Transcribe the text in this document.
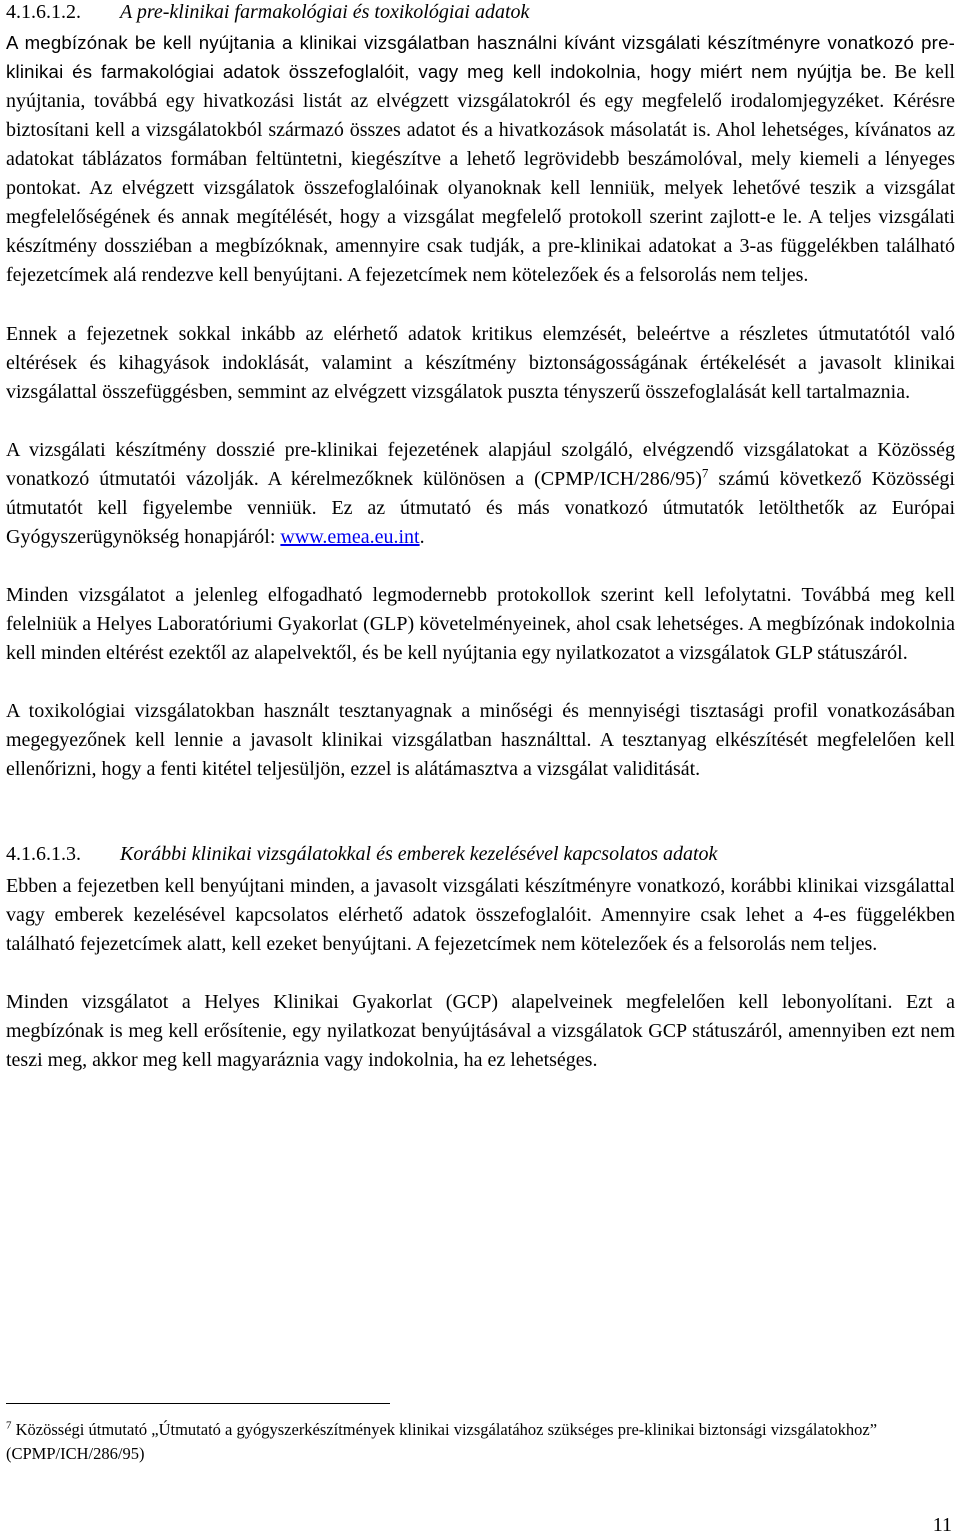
4.1.6.1.2. A pre-klinikai farmakológiai és toxikológiai adatok

A megbízónak be kell nyújtania a klinikai vizsgálatban használni kívánt vizsgálati készítményre vonatkozó pre-klinikai és farmakológiai adatok összefoglalóit, vagy meg kell indokolnia, hogy miért nem nyújtja be. Be kell nyújtania, továbbá egy hivatkozási listát az elvégzett vizsgálatokról és egy megfelelő irodalomjegyzéket. Kérésre biztosítani kell a vizsgálatokból származó összes adatot és a hivatkozások másolatát is. Ahol lehetséges, kívánatos az adatokat táblázatos formában feltüntetni, kiegészítve a lehető legrövidebb beszámolóval, mely kiemeli a lényeges pontokat. Az elvégzett vizsgálatok összefoglalóinak olyanoknak kell lenniük, melyek lehetővé teszik a vizsgálat megfelelőségének és annak megítélését, hogy a vizsgálat megfelelő protokoll szerint zajlott-e le. A teljes vizsgálati készítmény dossziéban a megbízóknak, amennyire csak tudják, a pre-klinikai adatokat a 3-as függelékben található fejezetcímek alá rendezve kell benyújtani. A fejezetcímek nem kötelezőek és a felsorolás nem teljes.

Ennek a fejezetnek sokkal inkább az elérhető adatok kritikus elemzését, beleértve a részletes útmutatótól való eltérések és kihagyások indoklását, valamint a készítmény biztonságosságának értékelését a javasolt klinikai vizsgálattal összefüggésben, semmint az elvégzett vizsgálatok puszta tényszerű összefoglalását kell tartalmaznia.

A vizsgálati készítmény dosszié pre-klinikai fejezetének alapjául szolgáló, elvégzendő vizsgálatokat a Közösség vonatkozó útmutatói vázolják. A kérelmezőknek különösen a (CPMP/ICH/286/95)$^7$ számú következő Közösségi útmutatót kell figyelembe venniük. Ez az útmutató és más vonatkozó útmutatók letölthetők az Európai Gyógyszerügynökség honapjáról: www.emea.eu.int.

Minden vizsgálatot a jelenleg elfogadható legmodernebb protokollok szerint kell lefolytatni. Továbbá meg kell felelniük a Helyes Laboratóriumi Gyakorlat (GLP) követelményeinek, ahol csak lehetséges. A megbízónak indokolnia kell minden eltérést ezektől az alapelvektől, és be kell nyújtania egy nyilatkozatot a vizsgálatok GLP státuszáról.

A toxikológiai vizsgálatokban használt tesztanyagnak a minőségi és mennyiségi tisztasági profil vonatkozásában megegyezőnek kell lennie a javasolt klinikai vizsgálatban használttal. A tesztanyag elkészítését megfelelően kell ellenőrizni, hogy a fenti kitétel teljesüljön, ezzel is alátámasztva a vizsgálat validitását.

4.1.6.1.3. Korábbi klinikai vizsgálatokkal és emberek kezelésével kapcsolatos adatok

Ebben a fejezetben kell benyújtani minden, a javasolt vizsgálati készítményre vonatkozó, korábbi klinikai vizsgálattal vagy emberek kezelésével kapcsolatos elérhető adatok összefoglalóit. Amennyire csak lehet a 4-es függelékben található fejezetcímek alatt, kell ezeket benyújtani. A fejezetcímek nem kötelezőek és a felsorolás nem teljes.

Minden vizsgálatot a Helyes Klinikai Gyakorlat (GCP) alapelveinek megfelelően kell lebonyolítani. Ezt a megbízónak is meg kell erősítenie, egy nyilatkozat benyújtásával a vizsgálatok GCP státuszáról, amennyiben ezt nem teszi meg, akkor meg kell magyaráznia vagy indokolnia, ha ez lehetséges.

$^7$ Közösségi útmutató „Útmutató a gyógyszerkészítmények klinikai vizsgálatához szükséges pre-klinikai biztonsági vizsgálatokhoz” (CPMP/ICH/286/95)
11
